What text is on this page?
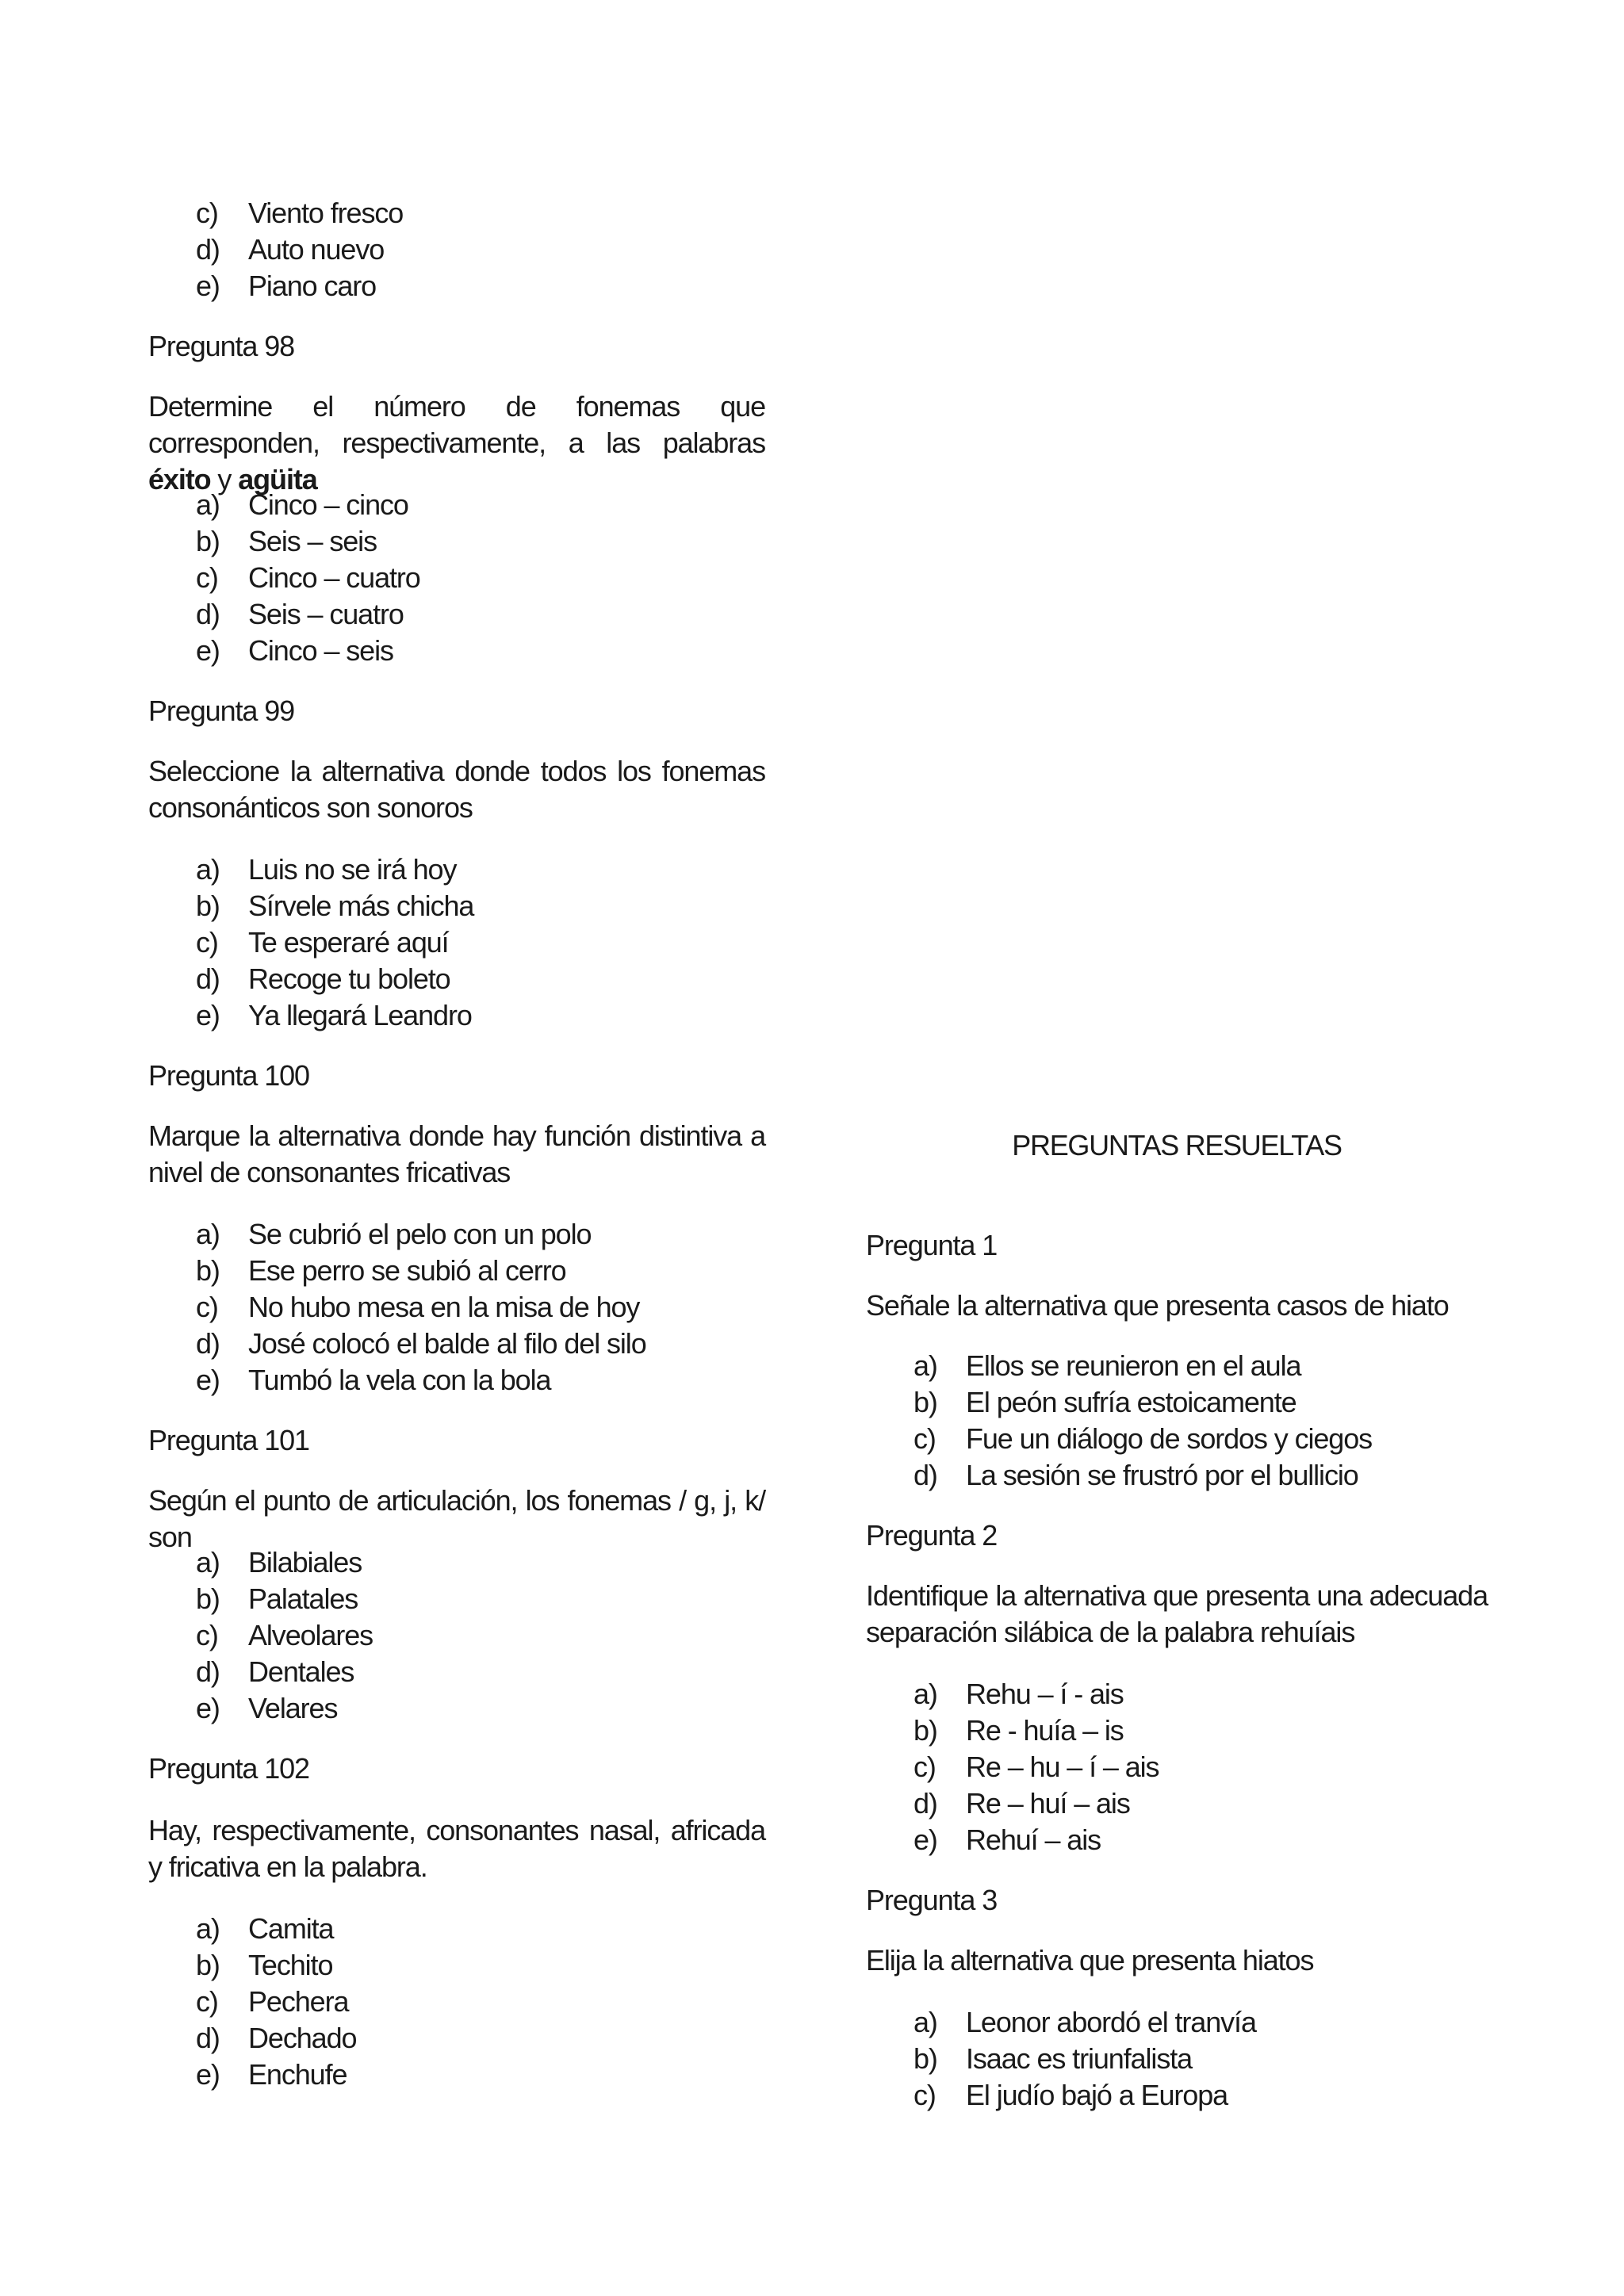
c) Viento fresco
d) Auto nuevo
e) Piano caro
Pregunta 98

Determine el número de fonemas que corresponden, respectivamente, a las palabras éxito y agüita

a) Cinco – cinco
b) Seis – seis
c) Cinco – cuatro
d) Seis – cuatro
e) Cinco – seis
Pregunta 99

Seleccione la alternativa donde todos los fonemas consonánticos son sonoros

a) Luis no se irá hoy
b) Sírvele más chicha
c) Te esperaré aquí
d) Recoge tu boleto
e) Ya llegará Leandro
Pregunta 100

Marque la alternativa donde hay función distintiva a nivel de consonantes fricativas

a) Se cubrió el pelo con un polo
b) Ese perro se subió al cerro
c) No hubo mesa en la misa de hoy
d) José colocó el balde al filo del silo
e) Tumbó la vela con la bola
Pregunta 101

Según el punto de articulación, los fonemas / g, j, k/ son

a) Bilabiales
b) Palatales
c) Alveolares
d) Dentales
e) Velares
Pregunta 102

Hay, respectivamente, consonantes nasal, africada y fricativa en la palabra.

a) Camita
b) Techito
c) Pechera
d) Dechado
e) Enchufe
PREGUNTAS RESUELTAS
Pregunta 1

Señale la alternativa que presenta casos de hiato

a) Ellos se reunieron en el aula
b) El peón sufría estoicamente
c) Fue un diálogo de sordos y ciegos
d) La sesión se frustró por el bullicio
Pregunta 2

Identifique la alternativa que presenta una adecuada separación silábica de la palabra rehuíais

a) Rehu – í - ais
b) Re - huía – is
c) Re – hu – í – ais
d) Re – huí – ais
e) Rehuí – ais
Pregunta 3

Elija la alternativa que presenta hiatos

a) Leonor abordó el tranvía
b) Isaac es triunfalista
c) El judío bajó a Europa
